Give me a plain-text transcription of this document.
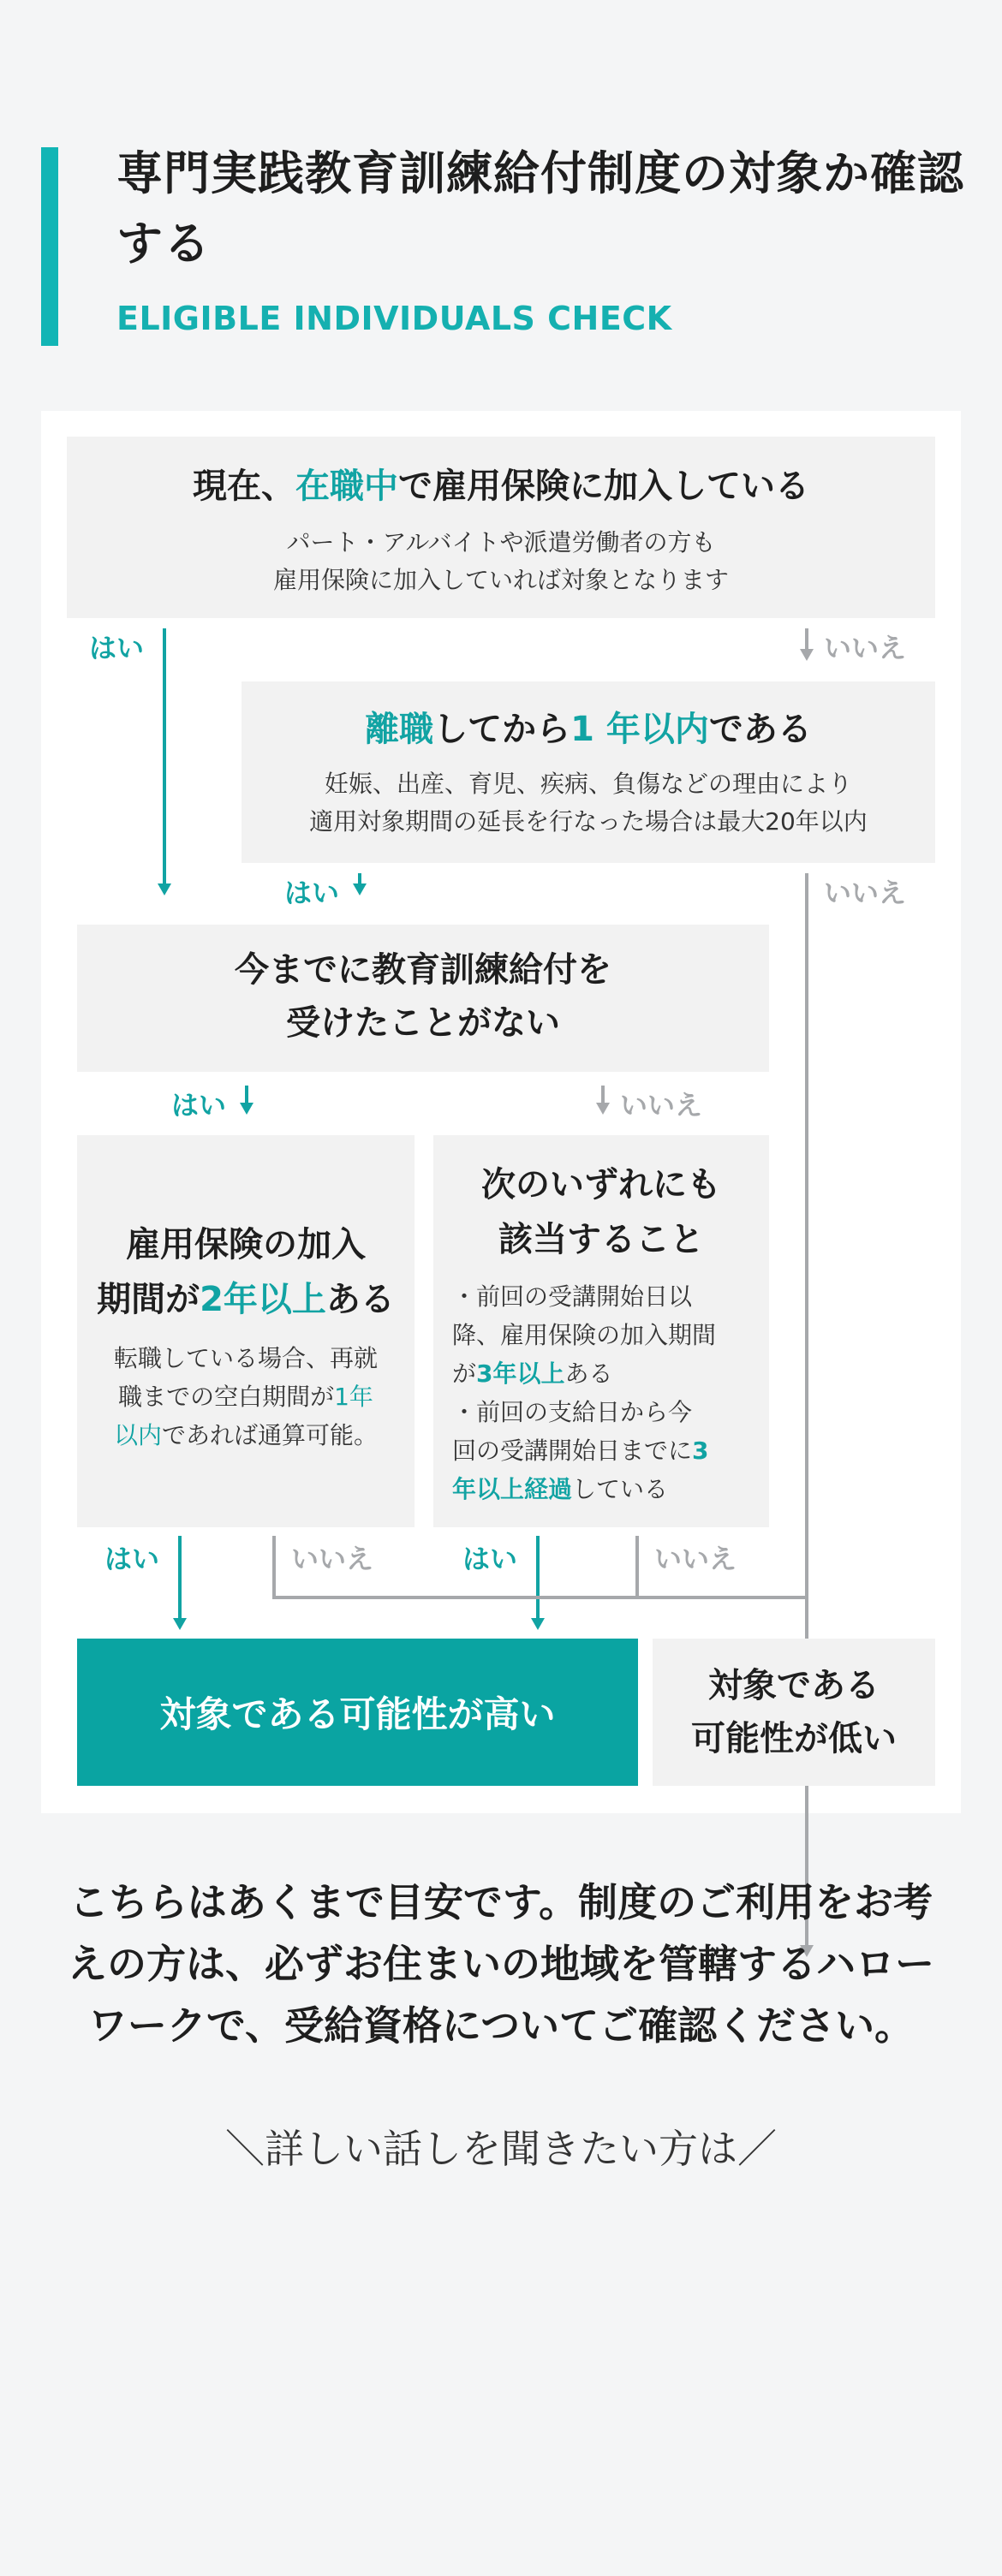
専門実践教育訓練給付制度の対象か確認する
ELIGIBLE INDIVIDUALS CHECK
現在、在職中で雇用保険に加入している
パート・アルバイトや派遣労働者の方も
雇用保険に加入していれば対象となります
はい	いいえ
離職してから1 年以内である
妊娠、出産、育児、疾病、負傷などの理由により
適用対象期間の延長を行なった場合は最大20年以内
はい	いいえ
今までに教育訓練給付を
受けたことがない
はい	いいえ
雇用保険の加入
期間が2年以上ある
転職している場合、再就
職までの空白期間が1年
以内であれば通算可能。
次のいずれにも
該当すること
・前回の受講開始日以
降、雇用保険の加入期間
が3年以上ある
・前回の支給日から今
回の受講開始日までに3
年以上経過している
はい	いいえ	はい	いいえ
対象である可能性が高い
対象である
可能性が低い
こちらはあくまで目安です。制度のご利用をお考
えの方は、必ずお住まいの地域を管轄するハロー
ワークで、受給資格についてご確認ください。
＼詳しい話しを聞きたい方は／
